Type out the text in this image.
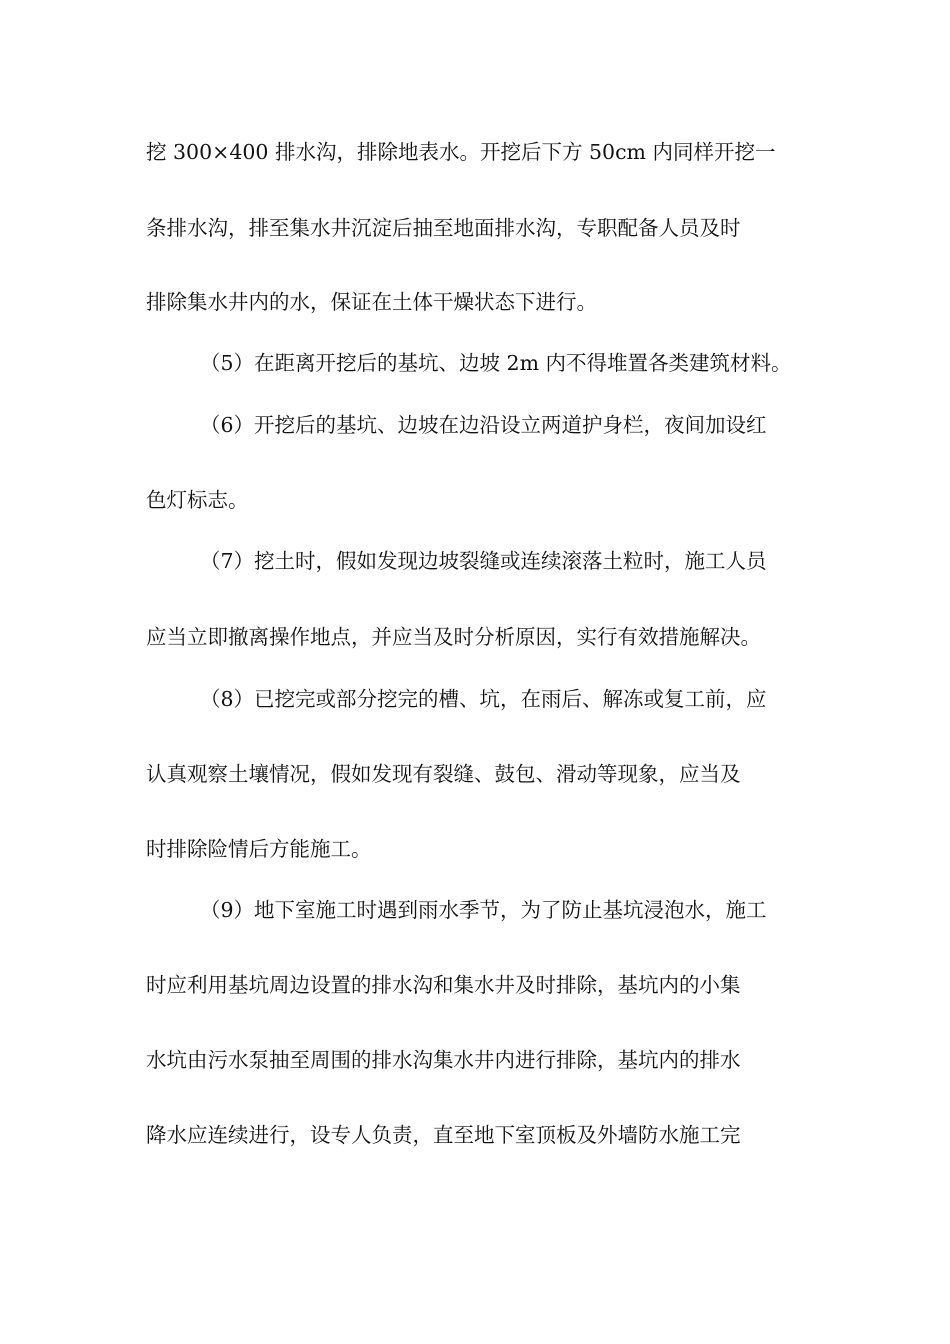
挖 300×400 排水沟，排除地表水。开挖后下方 50cm 内同样开挖一
条排水沟，排至集水井沉淀后抽至地面排水沟，专职配备人员及时
排除集水井内的水，保证在土体干燥状态下进行。
（5）在距离开挖后的基坑、边坡 2m 内不得堆置各类建筑材料。
（6）开挖后的基坑、边坡在边沿设立两道护身栏，夜间加设红
色灯标志。
（7）挖土时，假如发现边坡裂缝或连续滚落土粒时，施工人员
应当立即撤离操作地点，并应当及时分析原因，实行有效措施解决。
（8）已挖完或部分挖完的槽、坑，在雨后、解冻或复工前，应
认真观察土壤情况，假如发现有裂缝、鼓包、滑动等现象，应当及
时排除险情后方能施工。
（9）地下室施工时遇到雨水季节，为了防止基坑浸泡水，施工
时应利用基坑周边设置的排水沟和集水井及时排除，基坑内的小集
水坑由污水泵抽至周围的排水沟集水井内进行排除，基坑内的排水
降水应连续进行，设专人负责，直至地下室顶板及外墙防水施工完
